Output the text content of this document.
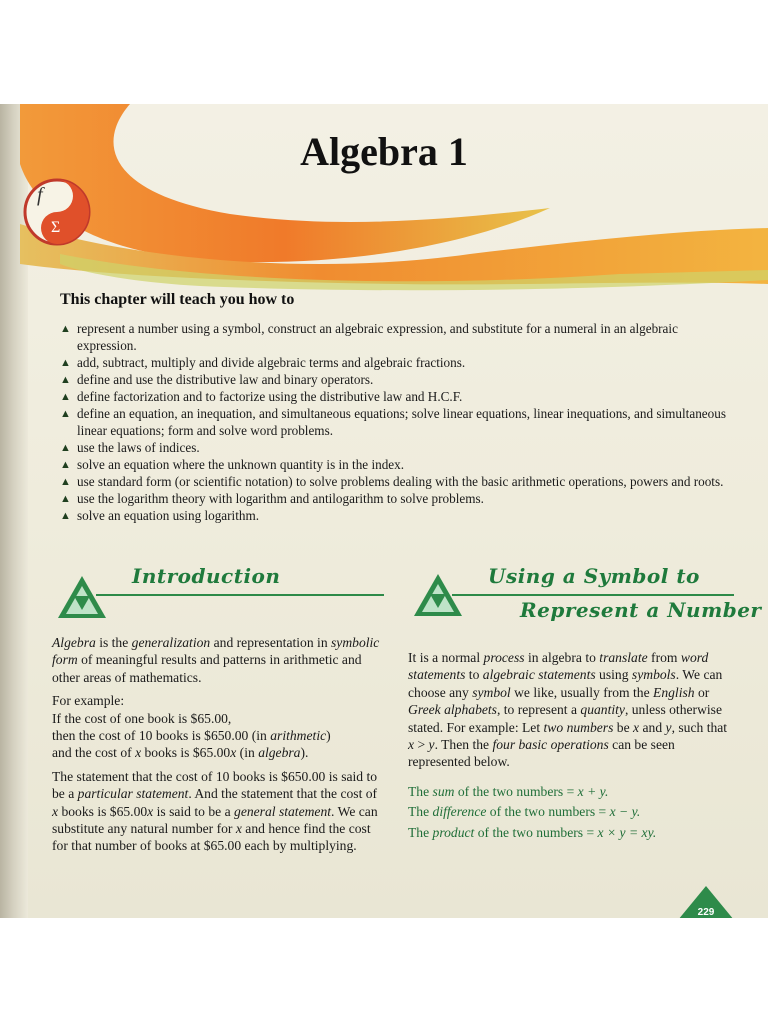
f
Σ
Algebra 1
This chapter will teach you how to
▲ represent a number using a symbol, construct an algebraic expression, and substitute for a numeral in an algebraic expression.
▲ add, subtract, multiply and divide algebraic terms and algebraic fractions.
▲ define and use the distributive law and binary operators.
▲ define factorization and to factorize using the distributive law and H.C.F.
▲ define an equation, an inequation, and simultaneous equations; solve linear equations, linear inequations, and simultaneous linear equations; form and solve word problems.
▲ use the laws of indices.
▲ solve an equation where the unknown quantity is in the index.
▲ use standard form (or scientific notation) to solve problems dealing with the basic arithmetic operations, powers and roots.
▲ use the logarithm theory with logarithm and antilogarithm to solve problems.
▲ solve an equation using logarithm.
Introduction

Algebra is the generalization and representation in symbolic form of meaningful results and patterns in arithmetic and other areas of mathematics.

For example:

If the cost of one book is $65.00,
then the cost of 10 books is $650.00 (in arithmetic)

and the cost of x books is $65.00x (in algebra).

The statement that the cost of 10 books is $650.00 is said to be a particular statement. And the statement that the cost of x books is $65.00x is said to be a general statement. We can substitute any natural number for x and hence find the cost for that number of books at $65.00 each by multiplying.

Using a Symbol to
Represent a Number

It is a normal process in algebra to translate from word statements to algebraic statements using symbols. We can choose any symbol we like, usually from the English or Greek alphabets, to represent a quantity, unless otherwise stated. For example: Let two numbers be x and y, such that x > y. Then the four basic operations can be seen represented below.

The sum of the two numbers = x + y.
The difference of the two numbers = x − y.
The product of the two numbers = x × y = xy.
229
